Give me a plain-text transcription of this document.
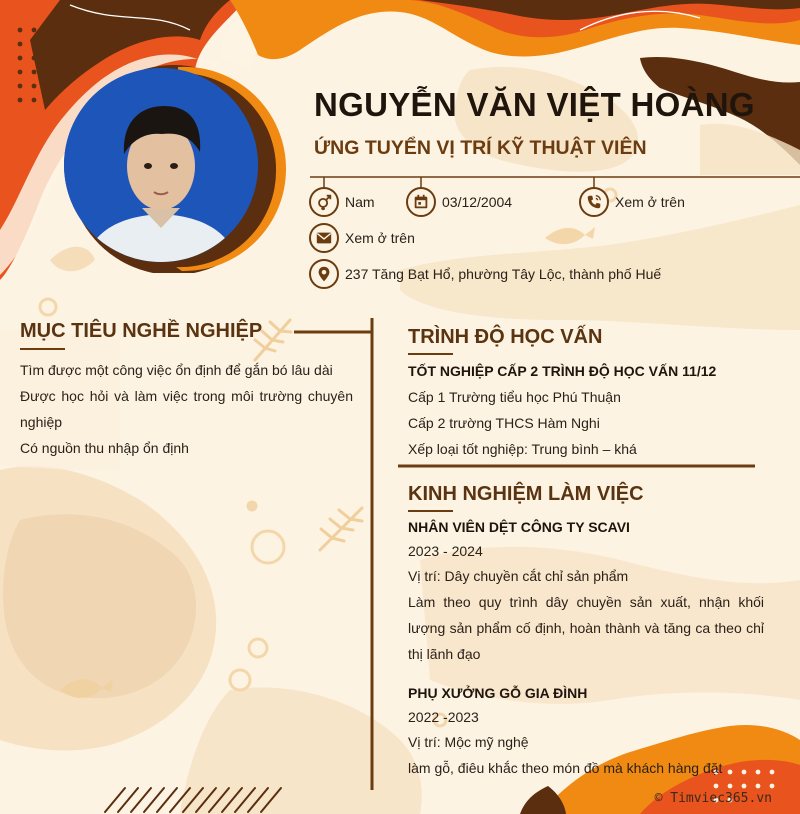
NGUYỄN VĂN VIỆT HOÀNG
ỨNG TUYỂN VỊ TRÍ KỸ THUẬT VIÊN
Nam	03/12/2004	Xem ở trên
Xem ở trên
237 Tăng Bạt Hổ, phường Tây Lộc, thành phố Huế
MỤC TIÊU NGHỀ NGHIỆP
Tìm được một công việc ổn định để gắn bó lâu dài
Được học hỏi và làm việc trong môi trường chuyên nghiệp
Có nguồn thu nhập ổn định
TRÌNH ĐỘ HỌC VẤN
TỐT NGHIỆP CẤP 2 TRÌNH ĐỘ HỌC VẤN 11/12
Cấp 1 Trường tiểu học Phú Thuận
Cấp 2 trường THCS Hàm Nghi
Xếp loại tốt nghiệp: Trung bình – khá
KINH NGHIỆM LÀM VIỆC
NHÂN VIÊN DỆT CÔNG TY SCAVI
2023 - 2024
Vị trí: Dây chuyền cắt chỉ sản phẩm
Làm theo quy trình dây chuyền sản xuất, nhận khối lượng sản phẩm cố định, hoàn thành và tăng ca theo chỉ thị lãnh đạo
PHỤ XƯỞNG GỖ GIA ĐÌNH
2022 -2023
Vị trí: Mộc mỹ nghệ
làm gỗ, điêu khắc theo món đồ mà khách hàng đặt
© Timviec365.vn
